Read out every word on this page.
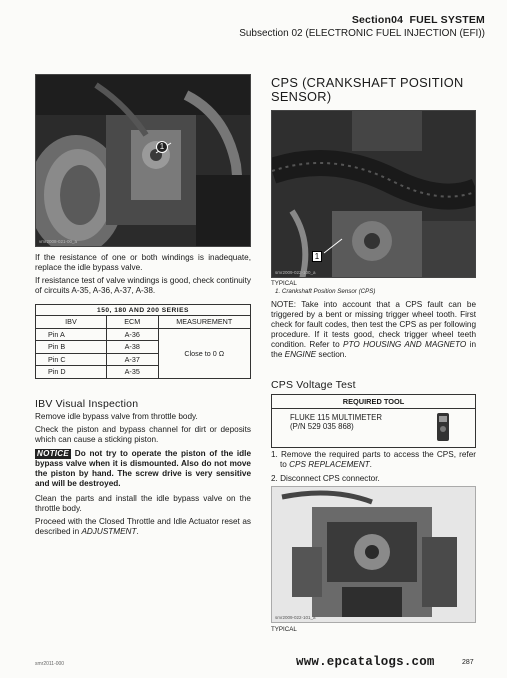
Section04 FUEL SYSTEM
Subsection 02 (ELECTRONIC FUEL INJECTION (EFI))
1
vmr2008-021-00_a

If the resistance of one or both windings is inadequate, replace the idle bypass valve.

If resistance test of valve windings is good, check continuity of circuits A-35, A-36, A-37, A-38.

150, 180 AND 200 SERIES		
IBV	ECM	MEASUREMENT
Pin A	A-36	Close to 0 Ω
Pin B	A-38	
Pin C	A-37	
Pin D	A-35	
IBV Visual Inspection

Remove idle bypass valve from throttle body.

Check the piston and bypass channel for dirt or deposits which can cause a sticking piston.

NOTICE Do not try to operate the piston of the idle bypass valve when it is dismounted. Also do not move the piston by hand. The screw drive is very sensitive and will be destroyed.

Clean the parts and install the idle bypass valve on the throttle body.

Proceed with the Closed Throttle and Idle Actuator reset as described in ADJUSTMENT.

CPS (CRANKSHAFT POSITION SENSOR)
1
smr2009-022-100_a
TYPICAL
1. Crankshaft Position Sensor (CPS)

NOTE: Take into account that a CPS fault can be triggered by a bent or missing trigger wheel tooth. First check for fault codes, then test the CPS as per following procedure. If it tests good, check trigger wheel teeth condition. Refer to PTO HOUSING AND MAGNETO in the ENGINE section.

CPS Voltage Test
REQUIRED TOOL
FLUKE 115 MULTIMETER
(P/N 529 035 868)

1. Remove the required parts to access the CPS, refer to CPS REPLACEMENT.

2. Disconnect CPS connector.

smr2009-022-101_a
TYPICAL
smr2011-000	www.epcatalogs.com	287
